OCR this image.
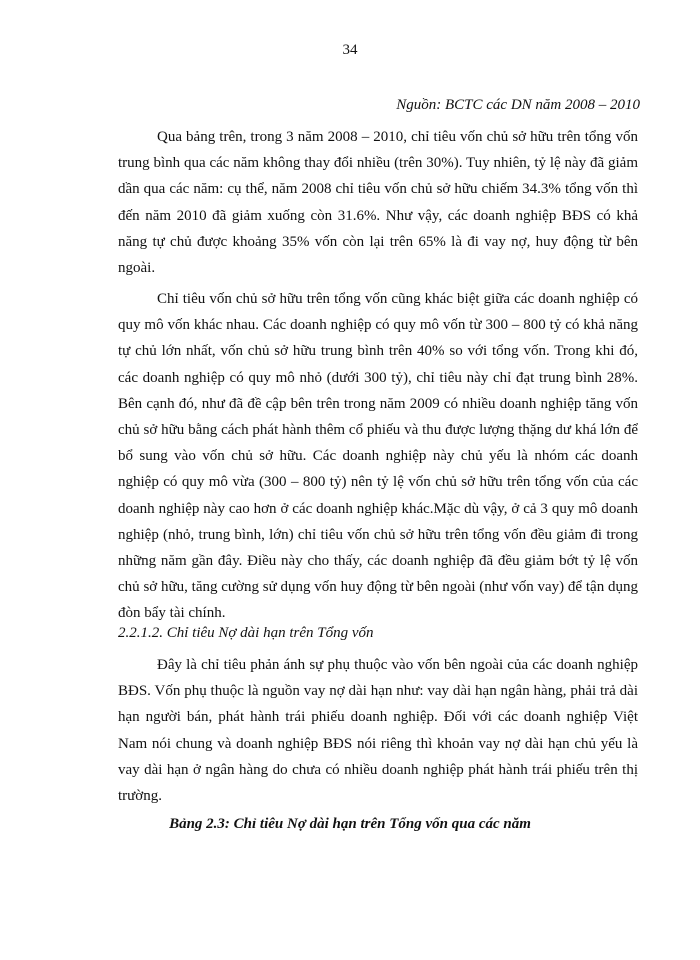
34
Nguồn: BCTC các DN năm 2008 – 2010

Qua bảng trên, trong 3 năm 2008 – 2010, chỉ tiêu vốn chủ sở hữu trên tổng vốn trung bình qua các năm không thay đổi nhiều (trên 30%). Tuy nhiên, tỷ lệ này đã giảm dần qua các năm: cụ thể, năm 2008 chỉ tiêu vốn chủ sở hữu chiếm 34.3% tổng vốn thì đến năm 2010 đã giảm xuống còn 31.6%. Như vậy, các doanh nghiệp BĐS có khả năng tự chủ được khoảng 35% vốn còn lại trên 65% là đi vay nợ, huy động từ bên ngoài.

Chỉ tiêu vốn chủ sở hữu trên tổng vốn cũng khác biệt giữa các doanh nghiệp có quy mô vốn khác nhau. Các doanh nghiệp có quy mô vốn từ 300 – 800 tỷ có khả năng tự chủ lớn nhất, vốn chủ sở hữu trung bình trên 40% so với tổng vốn. Trong khi đó, các doanh nghiệp có quy mô nhỏ (dưới 300 tỷ), chỉ tiêu này chỉ đạt trung bình 28%. Bên cạnh đó, như đã đề cập bên trên trong năm 2009 có nhiều doanh nghiệp tăng vốn chủ sở hữu bằng cách phát hành thêm cổ phiếu và thu được lượng thặng dư khá lớn để bổ sung vào vốn chủ sở hữu. Các doanh nghiệp này chủ yếu là nhóm các doanh nghiệp có quy mô vừa (300 – 800 tỷ) nên tỷ lệ vốn chủ sở hữu trên tổng vốn của các doanh nghiệp này cao hơn ở các doanh nghiệp khác.Mặc dù vậy, ở cả 3 quy mô doanh nghiệp (nhỏ, trung bình, lớn) chỉ tiêu vốn chủ sở hữu trên tổng vốn đều giảm đi trong những năm gần đây. Điều này cho thấy, các doanh nghiệp đã đều giảm bớt tỷ lệ vốn chủ sở hữu, tăng cường sử dụng vốn huy động từ bên ngoài (như vốn vay) để tận dụng đòn bẩy tài chính.

2.2.1.2. Chỉ tiêu Nợ dài hạn trên Tổng vốn

Đây là chỉ tiêu phản ánh sự phụ thuộc vào vốn bên ngoài của các doanh nghiệp BĐS. Vốn phụ thuộc là nguồn vay nợ dài hạn như: vay dài hạn ngân hàng, phải trả dài hạn người bán, phát hành trái phiếu doanh nghiệp. Đối với các doanh nghiệp Việt Nam nói chung và doanh nghiệp BĐS nói riêng thì khoản vay nợ dài hạn chủ yếu là vay dài hạn ở ngân hàng do chưa có nhiều doanh nghiệp phát hành trái phiếu trên thị trường.

Bảng 2.3: Chỉ tiêu Nợ dài hạn trên Tổng vốn qua các năm
